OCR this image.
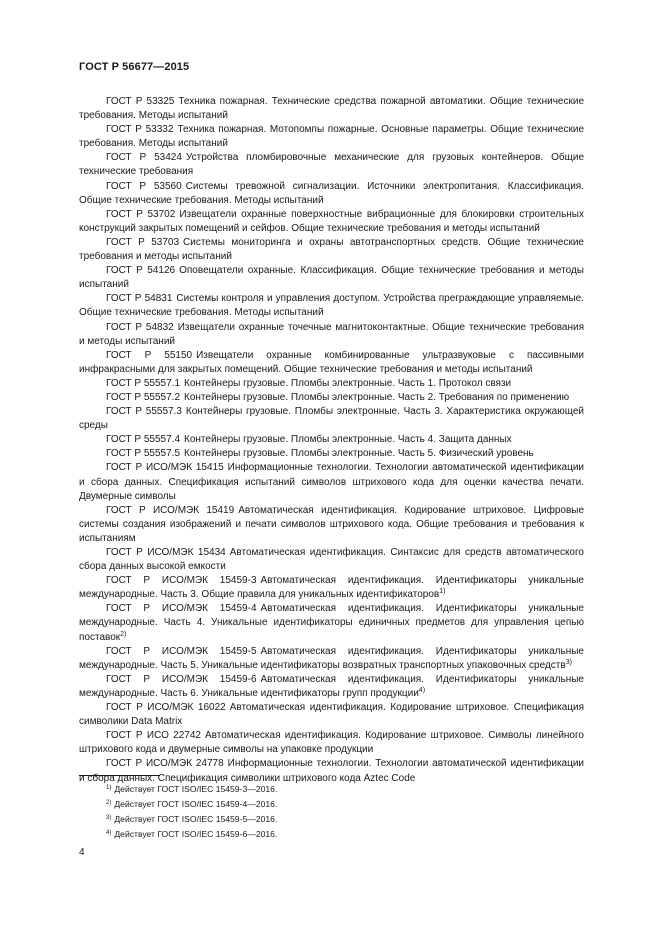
ГОСТ Р 56677—2015

ГОСТ Р 53325 Техника пожарная. Технические средства пожарной автоматики. Общие технические требования. Методы испытаний

ГОСТ Р 53332 Техника пожарная. Мотопомпы пожарные. Основные параметры. Общие технические требования. Методы испытаний

ГОСТ Р 53424 Устройства пломбировочные механические для грузовых контейнеров. Общие технические требования

ГОСТ Р 53560 Системы тревожной сигнализации. Источники электропитания. Классификация. Общие технические требования. Методы испытаний

ГОСТ Р 53702 Извещатели охранные поверхностные вибрационные для блокировки строительных конструкций закрытых помещений и сейфов. Общие технические требования и методы испытаний

ГОСТ Р 53703 Системы мониторинга и охраны автотранспортных средств. Общие технические требования и методы испытаний

ГОСТ Р 54126 Оповещатели охранные. Классификация. Общие технические требования и методы испытаний

ГОСТ Р 54831 Системы контроля и управления доступом. Устройства преграждающие управляемые. Общие технические требования. Методы испытаний

ГОСТ Р 54832 Извещатели охранные точечные магнитоконтактные. Общие технические требования и методы испытаний

ГОСТ Р 55150 Извещатели охранные комбинированные ультразвуковые с пассивными инфракрасными для закрытых помещений. Общие технические требования и методы испытаний

ГОСТ Р 55557.1 Контейнеры грузовые. Пломбы электронные. Часть 1. Протокол связи

ГОСТ Р 55557.2 Контейнеры грузовые. Пломбы электронные. Часть 2. Требования по применению

ГОСТ Р 55557.3 Контейнеры грузовые. Пломбы электронные. Часть 3. Характеристика окружающей среды

ГОСТ Р 55557.4 Контейнеры грузовые. Пломбы электронные. Часть 4. Защита данных

ГОСТ Р 55557.5 Контейнеры грузовые. Пломбы электронные. Часть 5. Физический уровень

ГОСТ Р ИСО/МЭК 15415 Информационные технологии. Технологии автоматической идентификации и сбора данных. Спецификация испытаний символов штрихового кода для оценки качества печати. Двумерные символы

ГОСТ Р ИСО/МЭК 15419 Автоматическая идентификация. Кодирование штриховое. Цифровые системы создания изображений и печати символов штрихового кода. Общие требования и требования к испытаниям

ГОСТ Р ИСО/МЭК 15434 Автоматическая идентификация. Синтаксис для средств автоматического сбора данных высокой емкости

ГОСТ Р ИСО/МЭК 15459-3 Автоматическая идентификация. Идентификаторы уникальные международные. Часть 3. Общие правила для уникальных идентификаторов$^{1)}$

ГОСТ Р ИСО/МЭК 15459-4 Автоматическая идентификация. Идентификаторы уникальные международные. Часть 4. Уникальные идентификаторы единичных предметов для управления цепью поставок$^{2)}$

ГОСТ Р ИСО/МЭК 15459-5 Автоматическая идентификация. Идентификаторы уникальные международные. Часть 5. Уникальные идентификаторы возвратных транспортных упаковочных средств$^{3)}$

ГОСТ Р ИСО/МЭК 15459-6 Автоматическая идентификация. Идентификаторы уникальные международные. Часть 6. Уникальные идентификаторы групп продукции$^{4)}$

ГОСТ Р ИСО/МЭК 16022 Автоматическая идентификация. Кодирование штриховое. Спецификация символики Data Matrix

ГОСТ Р ИСО 22742 Автоматическая идентификация. Кодирование штриховое. Символы линейного штрихового кода и двумерные символы на упаковке продукции

ГОСТ Р ИСО/МЭК 24778 Информационные технологии. Технологии автоматической идентификации и сбора данных. Спецификация символики штрихового кода Aztec Code

$^{1)}$ Действует ГОСТ ISO/IEC 15459-3—2016.
$^{2)}$ Действует ГОСТ ISO/IEC 15459-4—2016.
$^{3)}$ Действует ГОСТ ISO/IEC 15459-5—2016.
$^{4)}$ Действует ГОСТ ISO/IEC 15459-6—2016.
4
